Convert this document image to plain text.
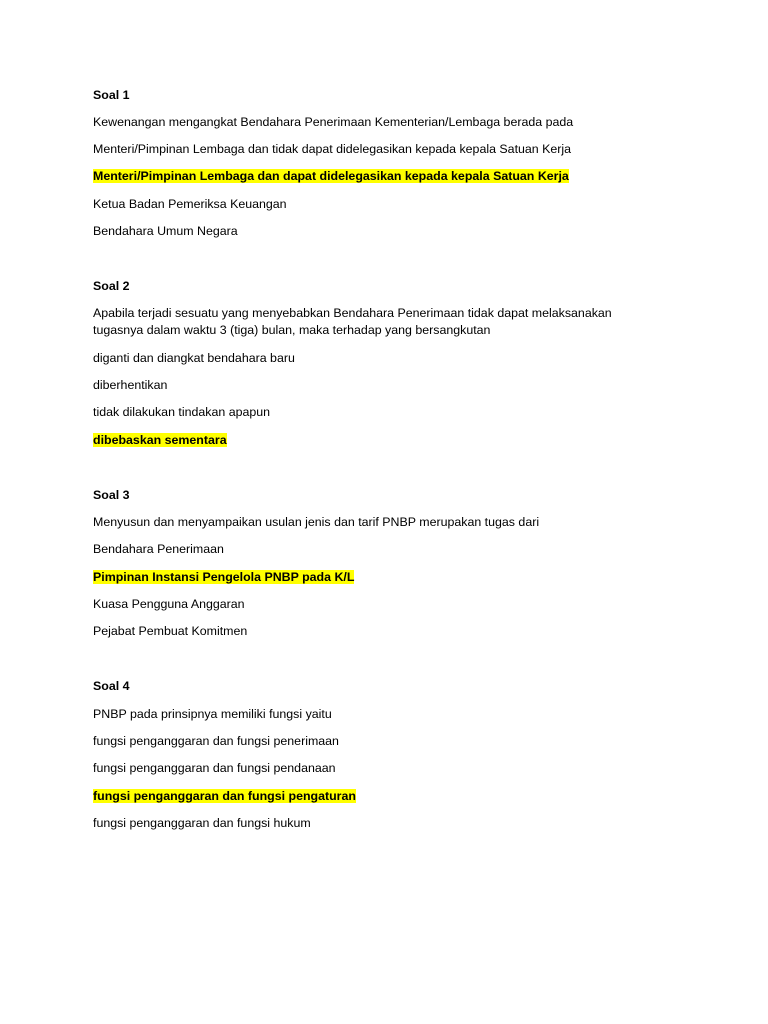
Soal 1
Kewenangan mengangkat Bendahara Penerimaan Kementerian/Lembaga berada pada
Menteri/Pimpinan Lembaga dan tidak dapat didelegasikan kepada kepala Satuan Kerja
Menteri/Pimpinan Lembaga dan dapat didelegasikan kepada kepala Satuan Kerja
Ketua Badan Pemeriksa Keuangan
Bendahara Umum Negara
Soal 2
Apabila terjadi sesuatu yang menyebabkan Bendahara Penerimaan tidak dapat melaksanakan tugasnya dalam waktu 3 (tiga) bulan, maka terhadap yang bersangkutan
diganti dan diangkat bendahara baru
diberhentikan
tidak dilakukan tindakan apapun
dibebaskan sementara
Soal 3
Menyusun dan menyampaikan usulan jenis dan tarif PNBP merupakan tugas dari
Bendahara Penerimaan
Pimpinan Instansi Pengelola PNBP pada K/L
Kuasa Pengguna Anggaran
Pejabat Pembuat Komitmen
Soal 4
PNBP pada prinsipnya memiliki fungsi yaitu
fungsi penganggaran dan fungsi penerimaan
fungsi penganggaran dan fungsi pendanaan
fungsi penganggaran dan fungsi pengaturan
fungsi penganggaran dan fungsi hukum
